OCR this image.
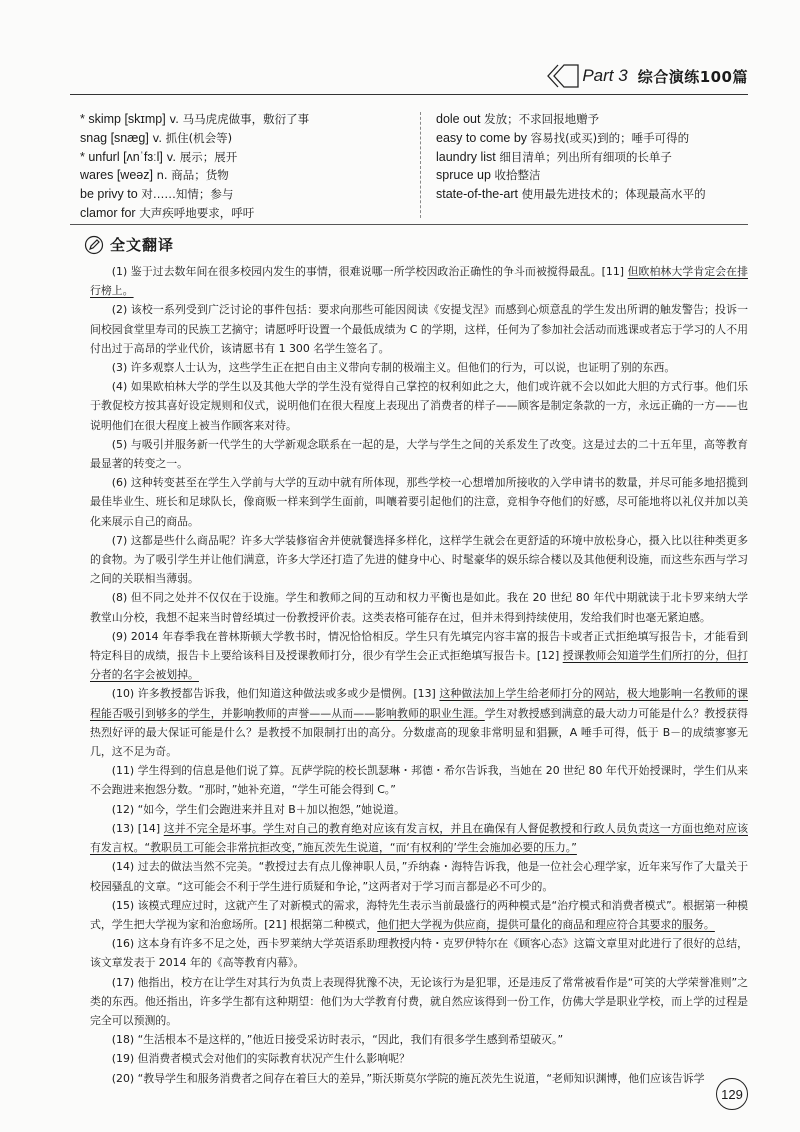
Part 3 综合演练100篇
* skimp [skɪmp] v. 马马虎虎做事，敷衍了事
snag [snæɡ] v. 抓住(机会等)
* unfurl [ʌnˈfɜːl] v. 展示；展开
wares [weəz] n. 商品；货物
be privy to 对……知情；参与
clamor for 大声疾呼地要求，呼吁
dole out 发放；不求回报地赠予
easy to come by 容易找(或买)到的；唾手可得的
laundry list 细目清单；列出所有细项的长单子
spruce up 收拾整洁
state-of-the-art 使用最先进技术的；体现最高水平的
全文翻译

(1) 鉴于过去数年间在很多校园内发生的事情，很难说哪一所学校因政治正确性的争斗而被搅得最乱。[11] 但欧柏林大学肯定会在排行榜上。

(2) 该校一系列受到广泛讨论的事件包括：要求向那些可能因阅读《安提戈涅》而感到心烦意乱的学生发出所谓的触发警告；投诉一间校园食堂里寿司的民族工艺摘守；请愿呼吁设置一个最低成绩为 C 的学期，这样，任何为了参加社会活动而逃课或者忘于学习的人不用付出过于高昂的学业代价，该请愿书有 1 300 名学生签名了。

(3) 许多观察人士认为，这些学生正在把自由主义带向专制的极端主义。但他们的行为，可以说，也证明了别的东西。

(4) 如果欧柏林大学的学生以及其他大学的学生没有觉得自己掌控的权利如此之大，他们或许就不会以如此大胆的方式行事。他们乐于教促校方按其喜好设定规则和仪式，说明他们在很大程度上表现出了消费者的样子——顾客是制定条款的一方，永远正确的一方——也说明他们在很大程度上被当作顾客来对待。

(5) 与吸引并服务新一代学生的大学新观念联系在一起的是，大学与学生之间的关系发生了改变。这是过去的二十五年里，高等教育最显著的转变之一。

(6) 这种转变甚至在学生入学前与大学的互动中就有所体现，那些学校一心想增加所接收的入学申请书的数量，并尽可能多地招揽到最佳毕业生、班长和足球队长，像商贩一样来到学生面前，叫嚷着要引起他们的注意，竞相争夺他们的好感，尽可能地将以礼仪并加以美化来展示自己的商品。

(7) 这都是些什么商品呢？许多大学装修宿舍并使就餐选择多样化，这样学生就会在更舒适的环境中放松身心，摄入比以往种类更多的食物。为了吸引学生并让他们满意，许多大学还打造了先进的健身中心、时髦豪华的娱乐综合楼以及其他便利设施，而这些东西与学习之间的关联相当薄弱。

(8) 但不同之处并不仅仅在于设施。学生和教师之间的互动和权力平衡也是如此。我在 20 世纪 80 年代中期就读于北卡罗来纳大学教堂山分校，我想不起来当时曾经填过一份教授评价表。这类表格可能存在过，但并未得到持续使用，发给我们时也毫无紧迫感。

(9) 2014 年春季我在普林斯顿大学教书时，情况恰恰相反。学生只有先填完内容丰富的报告卡或者正式拒绝填写报告卡，才能看到特定科目的成绩，报告卡上要给该科目及授课教师打分，很少有学生会正式拒绝填写报告卡。[12] 授课教师会知道学生们所打的分，但打分者的名字会被划掉。

(10) 许多教授都告诉我，他们知道这种做法或多或少是惯例。[13] 这种做法加上学生给老师打分的网站，极大地影响一名教师的课程能否吸引到够多的学生，并影响教师的声誉——从而——影响教师的职业生涯。学生对教授感到满意的最大动力可能是什么？教授获得热烈好评的最大保证可能是什么？是教授不加限制打出的高分。分数虚高的现象非常明显和猖獗，A 唾手可得，低于 B－的成绩寥寥无几，这不足为奇。

(11) 学生得到的信息是他们说了算。瓦萨学院的校长凯瑟琳・邦德・希尔告诉我，当她在 20 世纪 80 年代开始授课时，学生们从来不会跑进来抱怨分数。“那时，”她补充道，“学生可能会得到 C。”

(12) “如今，学生们会跑进来并且对 B＋加以抱怨，”她说道。

(13) [14] 这并不完全是坏事。学生对自己的教育绝对应该有发言权，并且在确保有人督促教授和行政人员负责这一方面也绝对应该有发言权。“教职员工可能会非常抗拒改变，”施瓦茨先生说道，“而‘有权利的’学生会施加必要的压力。”

(14) 过去的做法当然不完美。“教授过去有点儿像神职人员，”乔纳森・海特告诉我，他是一位社会心理学家，近年来写作了大量关于校园骚乱的文章。“这可能会不利于学生进行质疑和争论，”这两者对于学习而言都是必不可少的。

(15) 该模式理应过时，这就产生了对新模式的需求，海特先生表示当前最盛行的两种模式是“治疗模式和消费者模式”。根据第一种模式，学生把大学视为家和治愈场所。[21] 根据第二种模式，他们把大学视为供应商，提供可量化的商品和理应符合其要求的服务。

(16) 这本身有许多不足之处，西卡罗莱纳大学英语系助理教授内特・克罗伊特尔在《顾客心态》这篇文章里对此进行了很好的总结，该文章发表于 2014 年的《高等教育内幕》。

(17) 他指出，校方在让学生对其行为负责上表现得犹豫不决，无论该行为是犯罪，还是违反了常常被看作是“可笑的大学荣誉准则”之类的东西。他还指出，许多学生都有这种期望：他们为大学教育付费，就自然应该得到一份工作，仿佛大学是职业学校，而上学的过程是完全可以预测的。

(18) “生活根本不是这样的，”他近日接受采访时表示，“因此，我们有很多学生感到希望破灭。”

(19) 但消费者模式会对他们的实际教育状况产生什么影响呢？

(20) “教导学生和服务消费者之间存在着巨大的差异，”斯沃斯莫尔学院的施瓦茨先生说道，“老师知识渊博，他们应该告诉学

129
